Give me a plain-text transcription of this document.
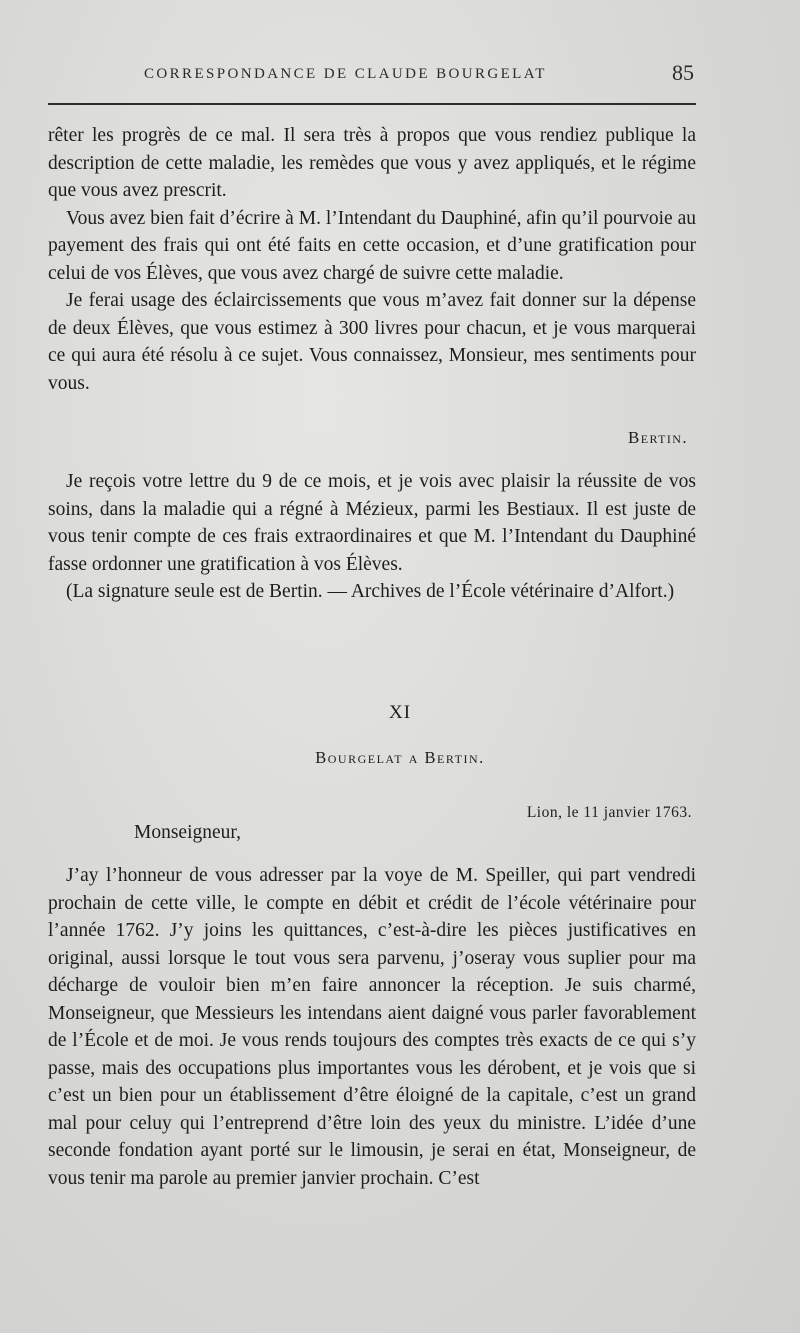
CORRESPONDANCE DE CLAUDE BOURGELAT	85

rêter les progrès de ce mal. Il sera très à propos que vous rendiez publique la description de cette maladie, les remèdes que vous y avez appliqués, et le régime que vous avez prescrit.

Vous avez bien fait d’écrire à M. l’Intendant du Dauphiné, afin qu’il pourvoie au payement des frais qui ont été faits en cette occasion, et d’une gratification pour celui de vos Élèves, que vous avez chargé de suivre cette maladie.

Je ferai usage des éclaircissements que vous m’avez fait donner sur la dépense de deux Élèves, que vous estimez à 300 livres pour chacun, et je vous marquerai ce qui aura été résolu à ce sujet. Vous connaissez, Monsieur, mes sentiments pour vous.

Bertin.

Je reçois votre lettre du 9 de ce mois, et je vois avec plaisir la réussite de vos soins, dans la maladie qui a régné à Mézieux, parmi les Bestiaux. Il est juste de vous tenir compte de ces frais extraordinaires et que M. l’Intendant du Dauphiné fasse ordonner une gratification à vos Élèves.

(La signature seule est de Bertin. — Archives de l’École vétérinaire d’Alfort.)

XI
Bourgelat a Bertin.
Lion, le 11 janvier 1763.
Monseigneur,

J’ay l’honneur de vous adresser par la voye de M. Speiller, qui part vendredi prochain de cette ville, le compte en débit et crédit de l’école vétérinaire pour l’année 1762. J’y joins les quittances, c’est-à-dire les pièces justificatives en original, aussi lorsque le tout vous sera parvenu, j’oseray vous suplier pour ma décharge de vouloir bien m’en faire annoncer la réception. Je suis charmé, Monseigneur, que Messieurs les intendans aient daigné vous parler favorablement de l’École et de moi. Je vous rends toujours des comptes très exacts de ce qui s’y passe, mais des occupations plus importantes vous les dérobent, et je vois que si c’est un bien pour un établissement d’être éloigné de la capitale, c’est un grand mal pour celuy qui l’entreprend d’être loin des yeux du ministre. L’idée d’une seconde fondation ayant porté sur le limousin, je serai en état, Monseigneur, de vous tenir ma parole au premier janvier prochain. C’est
